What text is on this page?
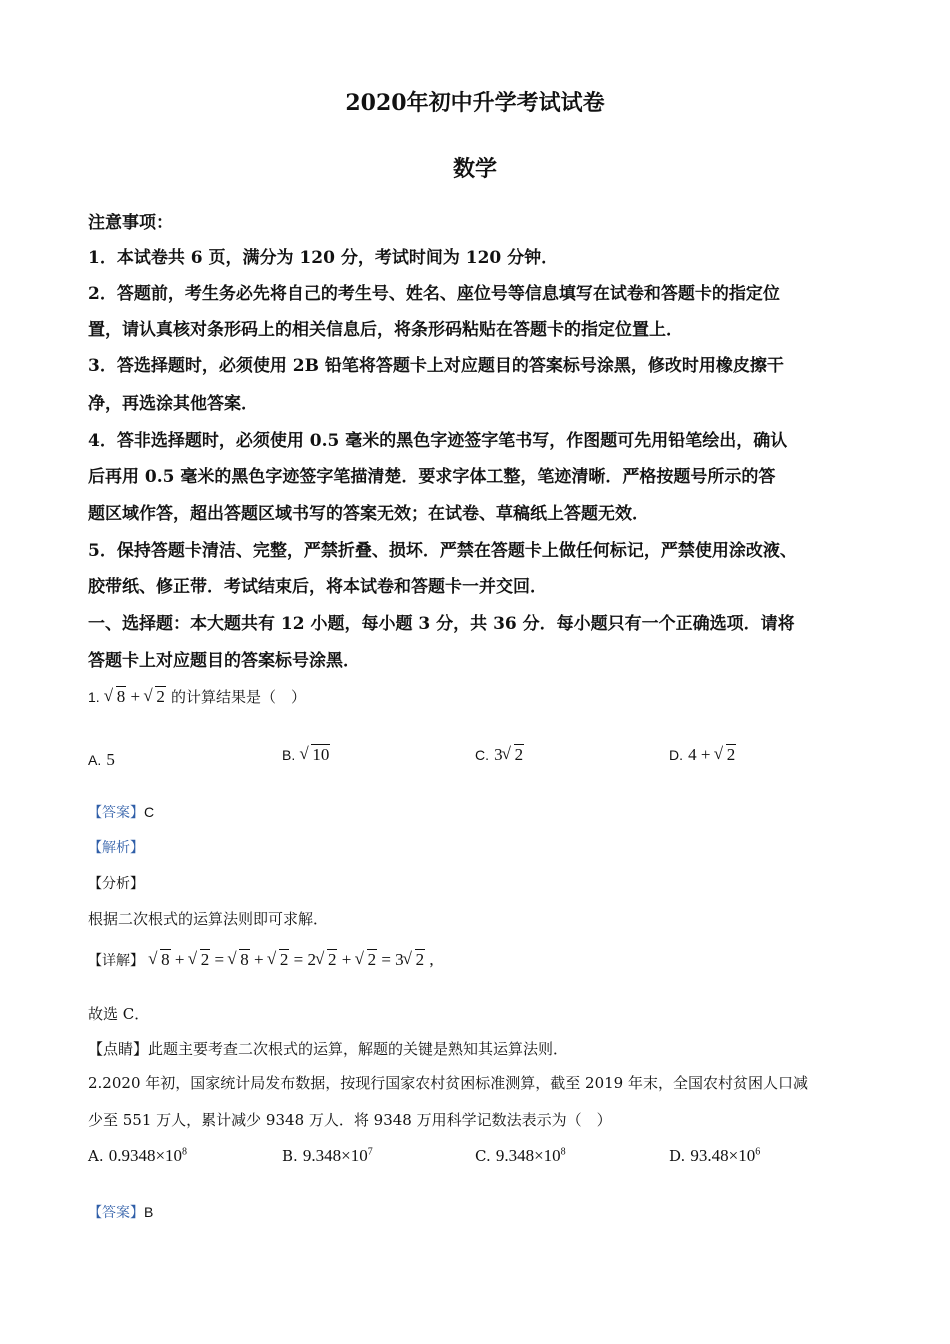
2020年初中升学考试试卷
数学
注意事项：
1．本试卷共 6 页，满分为 120 分，考试时间为 120 分钟．
2．答题前，考生务必先将自己的考生号、姓名、座位号等信息填写在试卷和答题卡的指定位
置，请认真核对条形码上的相关信息后，将条形码粘贴在答题卡的指定位置上．
3．答选择题时，必须使用 2B 铅笔将答题卡上对应题目的答案标号涂黑，修改时用橡皮擦干
净，再选涂其他答案．
4．答非选择题时，必须使用 0.5 毫米的黑色字迹签字笔书写，作图题可先用铅笔绘出，确认
后再用 0.5 毫米的黑色字迹签字笔描清楚．要求字体工整，笔迹清晰．严格按题号所示的答
题区域作答，超出答题区域书写的答案无效；在试卷、草稿纸上答题无效．
5．保持答题卡清洁、完整，严禁折叠、损坏．严禁在答题卡上做任何标记，严禁使用涂改液、
胶带纸、修正带．考试结束后，将本试卷和答题卡一并交回．
一、选择题：本大题共有 12 小题，每小题 3 分，共 36 分．每小题只有一个正确选项．请将
答题卡上对应题目的答案标号涂黑．
1. √ 8 + √ 2 的计算结果是（　）
A. 5	B. √ 10	C. 3 √ 2	D. 4 + √ 2
【答案】C
【解析】
【分析】
根据二次根式的运算法则即可求解．
【详解】 √ 8 + √ 2 = √ 8 + √ 2 = 2 √ 2 + √ 2 = 3 √ 2 ,
故选 C．
【点睛】此题主要考查二次根式的运算，解题的关键是熟知其运算法则．
2.2020 年初，国家统计局发布数据，按现行国家农村贫困标准测算，截至 2019 年末，全国农村贫困人口减
少至 551 万人，累计减少 9348 万人．将 9348 万用科学记数法表示为（　）
A. $0.9348\times 10^8$	B. $9.348\times 10^7$	C. $9.348\times 10^8$	D. $93.48\times 10^6$
【答案】B
